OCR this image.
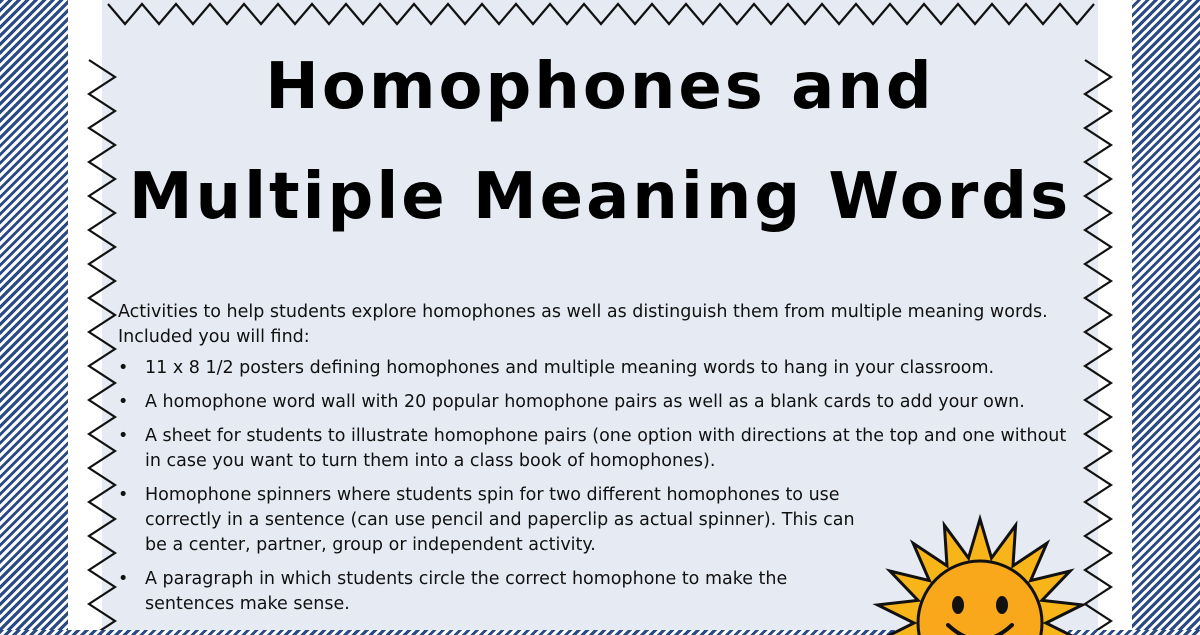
Homophones and
Multiple Meaning Words

Activities to help students explore homophones as well as distinguish them from multiple meaning words. Included you will find:

• 11 x 8 1/2 posters defining homophones and multiple meaning words to hang in your classroom.
• A homophone word wall with 20 popular homophone pairs as well as a blank cards to add your own.
• A sheet for students to illustrate homophone pairs (one option with directions at the top and one without in case you want to turn them into a class book of homophones).
• Homophone spinners where students spin for two different homophones to use correctly in a sentence (can use pencil and paperclip as actual spinner). This can be a center, partner, group or independent activity.
• A paragraph in which students circle the correct homophone to make the sentences make sense.
